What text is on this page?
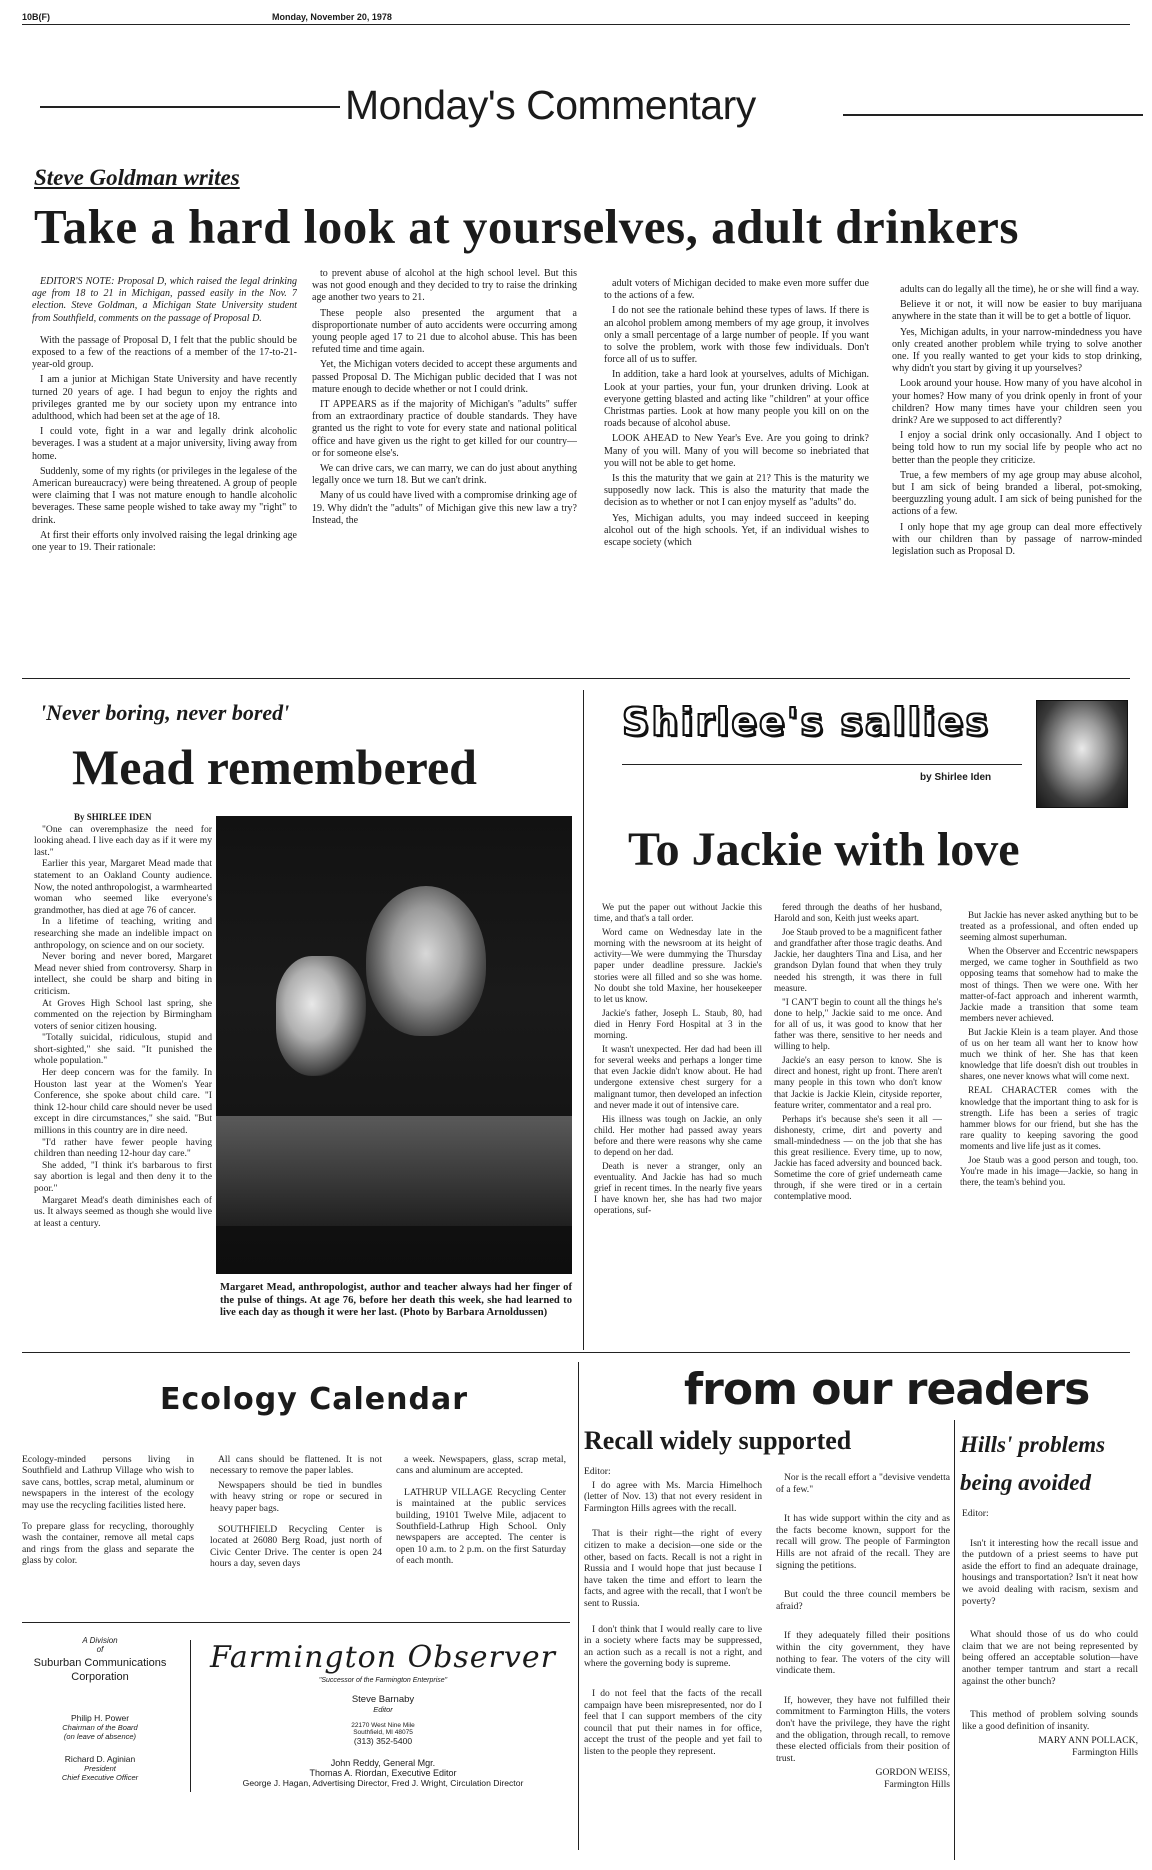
10B(F)	Monday, November 20, 1978
Monday's Commentary
Steve Goldman writes
Take a hard look at yourselves, adult drinkers

EDITOR'S NOTE: Proposal D, which raised the legal drinking age from 18 to 21 in Michigan, passed easily in the Nov. 7 election. Steve Goldman, a Michigan State University student from Southfield, comments on the passage of Proposal D.

With the passage of Proposal D, I felt that the public should be exposed to a few of the reactions of a member of the 17-to-21-year-old group.

I am a junior at Michigan State University and have recently turned 20 years of age. I had begun to enjoy the rights and privileges granted me by our society upon my entrance into adulthood, which had been set at the age of 18.

I could vote, fight in a war and legally drink alcoholic beverages. I was a student at a major university, living away from home.

Suddenly, some of my rights (or privileges in the legalese of the American bureaucracy) were being threatened. A group of people were claiming that I was not mature enough to handle alcoholic beverages. These same people wished to take away my "right" to drink.

At first their efforts only involved raising the legal drinking age one year to 19. Their rationale:

to prevent abuse of alcohol at the high school level. But this was not good enough and they decided to try to raise the drinking age another two years to 21.

These people also presented the argument that a disproportionate number of auto accidents were occurring among young people aged 17 to 21 due to alcohol abuse. This has been refuted time and time again.

Yet, the Michigan voters decided to accept these arguments and passed Proposal D. The Michigan public decided that I was not mature enough to decide whether or not I could drink.

IT APPEARS as if the majority of Michigan's "adults" suffer from an extraordinary practice of double standards. They have granted us the right to vote for every state and national political office and have given us the right to get killed for our country—or for someone else's.

We can drive cars, we can marry, we can do just about anything legally once we turn 18. But we can't drink.

Many of us could have lived with a compromise drinking age of 19. Why didn't the "adults" of Michigan give this new law a try? Instead, the

adult voters of Michigan decided to make even more suffer due to the actions of a few.

I do not see the rationale behind these types of laws. If there is an alcohol problem among members of my age group, it involves only a small percentage of a large number of people. If you want to solve the problem, work with those few individuals. Don't force all of us to suffer.

In addition, take a hard look at yourselves, adults of Michigan. Look at your parties, your fun, your drunken driving. Look at everyone getting blasted and acting like "children" at your office Christmas parties. Look at how many people you kill on on the roads because of alcohol abuse.

LOOK AHEAD to New Year's Eve. Are you going to drink? Many of you will. Many of you will become so inebriated that you will not be able to get home.

Is this the maturity that we gain at 21? This is the maturity we supposedly now lack. This is also the maturity that made the decision as to whether or not I can enjoy myself as "adults" do.

Yes, Michigan adults, you may indeed succeed in keeping alcohol out of the high schools. Yet, if an individual wishes to escape society (which

adults can do legally all the time), he or she will find a way.

Believe it or not, it will now be easier to buy marijuana anywhere in the state than it will be to get a bottle of liquor.

Yes, Michigan adults, in your narrow-mindedness you have only created another problem while trying to solve another one. If you really wanted to get your kids to stop drinking, why didn't you start by giving it up yourselves?

Look around your house. How many of you have alcohol in your homes? How many of you drink openly in front of your children? How many times have your children seen you drink? Are we supposed to act differently?

I enjoy a social drink only occasionally. And I object to being told how to run my social life by people who act no better than the people they criticize.

True, a few members of my age group may abuse alcohol, but I am sick of being branded a liberal, pot-smoking, beerguzzling young adult. I am sick of being punished for the actions of a few.

I only hope that my age group can deal more effectively with our children than by passage of narrow-minded legislation such as Proposal D.

'Never boring, never bored'
Mead remembered
By SHIRLEE IDEN

"One can overemphasize the need for looking ahead. I live each day as if it were my last."

Earlier this year, Margaret Mead made that statement to an Oakland County audience. Now, the noted anthropologist, a warmhearted woman who seemed like everyone's grandmother, has died at age 76 of cancer.

In a lifetime of teaching, writing and researching she made an indelible impact on anthropology, on science and on our society.

Never boring and never bored, Margaret Mead never shied from controversy. Sharp in intellect, she could be sharp and biting in criticism.

At Groves High School last spring, she commented on the rejection by Birmingham voters of senior citizen housing.

"Totally suicidal, ridiculous, stupid and short-sighted," she said. "It punished the whole population."

Her deep concern was for the family. In Houston last year at the Women's Year Conference, she spoke about child care. "I think 12-hour child care should never be used except in dire circumstances," she said. "But millions in this country are in dire need.

"I'd rather have fewer people having children than needing 12-hour day care."

She added, "I think it's barbarous to first say abortion is legal and then deny it to the poor."

Margaret Mead's death diminishes each of us. It always seemed as though she would live at least a century.

Margaret Mead, anthropologist, author and teacher always had her finger of the pulse of things. At age 76, before her death this week, she had learned to live each day as though it were her last. (Photo by Barbara Arnoldussen)
Shirlee's sallies
by Shirlee Iden
To Jackie with love

We put the paper out without Jackie this time, and that's a tall order.

Word came on Wednesday late in the morning with the newsroom at its height of activity—We were dummying the Thursday paper under deadline pressure. Jackie's stories were all filled and so she was home. No doubt she told Maxine, her housekeeper to let us know.

Jackie's father, Joseph L. Staub, 80, had died in Henry Ford Hospital at 3 in the morning.

It wasn't unexpected. Her dad had been ill for several weeks and perhaps a longer time that even Jackie didn't know about. He had undergone extensive chest surgery for a malignant tumor, then developed an infection and never made it out of intensive care.

His illness was tough on Jackie, an only child. Her mother had passed away years before and there were reasons why she came to depend on her dad.

Death is never a stranger, only an eventuality. And Jackie has had so much grief in recent times. In the nearly five years I have known her, she has had two major operations, suf-

fered through the deaths of her husband, Harold and son, Keith just weeks apart.

Joe Staub proved to be a magnificent father and grandfather after those tragic deaths. And Jackie, her daughters Tina and Lisa, and her grandson Dylan found that when they truly needed his strength, it was there in full measure.

"I CAN'T begin to count all the things he's done to help," Jackie said to me once. And for all of us, it was good to know that her father was there, sensitive to her needs and willing to help.

Jackie's an easy person to know. She is direct and honest, right up front. There aren't many people in this town who don't know that Jackie is Jackie Klein, cityside reporter, feature writer, commentator and a real pro.

Perhaps it's because she's seen it all — dishonesty, crime, dirt and poverty and small-mindedness — on the job that she has this great resilience. Every time, up to now, Jackie has faced adversity and bounced back. Sometime the core of grief underneath came through, if she were tired or in a certain contemplative mood.

But Jackie has never asked anything but to be treated as a professional, and often ended up seeming almost superhuman.

When the Observer and Eccentric newspapers merged, we came togher in Southfield as two opposing teams that somehow had to make the most of things. Then we were one. With her matter-of-fact approach and inherent warmth, Jackie made a transition that some team members never achieved.

But Jackie Klein is a team player. And those of us on her team all want her to know how much we think of her. She has that keen knowledge that life doesn't dish out troubles in shares, one never knows what will come next.

REAL CHARACTER comes with the knowledge that the important thing to ask for is strength. Life has been a series of tragic hammer blows for our friend, but she has the rare quality to keeping savoring the good moments and live life just as it comes.

Joe Staub was a good person and tough, too. You're made in his image—Jackie, so hang in there, the team's behind you.

Ecology Calendar

Ecology-minded persons living in Southfield and Lathrup Village who wish to save cans, bottles, scrap metal, aluminum or newspapers in the interest of the ecology may use the recycling facilities listed here.

To prepare glass for recycling, thoroughly wash the container, remove all metal caps and rings from the glass and separate the glass by color.

All cans should be flattened. It is not necessary to remove the paper lables.

Newspapers should be tied in bundles with heavy string or rope or secured in heavy paper bags.

SOUTHFIELD Recycling Center is located at 26080 Berg Road, just north of Civic Center Drive. The center is open 24 hours a day, seven days

a week. Newspapers, glass, scrap metal, cans and aluminum are accepted.

LATHRUP VILLAGE Recycling Center is maintained at the public services building, 19101 Twelve Mile, adjacent to Southfield-Lathrup High School. Only newspapers are accepted. The center is open 10 a.m. to 2 p.m. on the first Saturday of each month.

A Division
of
Suburban Communications Corporation
Philip H. Power
Chairman of the Board
(on leave of absence)
Richard D. Aginian
President
Chief Executive Officer
Farmington Observer
"Successor of the Farmington Enterprise"
Steve Barnaby
Editor
22170 West Nine Mile
Southfield, MI 48075
(313) 352-5400
John Reddy, General Mgr.
Thomas A. Riordan, Executive Editor
George J. Hagan, Advertising Director, Fred J. Wright, Circulation Director
from our readers
Recall widely supported
Editor:

I do agree with Ms. Marcia Himelhoch (letter of Nov. 13) that not every resident in Farmington Hills agrees with the recall.

That is their right—the right of every citizen to make a decision—one side or the other, based on facts. Recall is not a right in Russia and I would hope that just because I have taken the time and effort to learn the facts, and agree with the recall, that I won't be sent to Russia.

I don't think that I would really care to live in a society where facts may be suppressed, an action such as a recall is not a right, and where the governing body is supreme.

I do not feel that the facts of the recall campaign have been misrepresented, nor do I feel that I can support members of the city council that put their names in for office, accept the trust of the people and yet fail to listen to the people they represent.

Nor is the recall effort a "devisive vendetta of a few."

It has wide support within the city and as the facts become known, support for the recall will grow. The people of Farmington Hills are not afraid of the recall. They are signing the petitions.

But could the three council members be afraid?

If they adequately filled their positions within the city government, they have nothing to fear. The voters of the city will vindicate them.

If, however, they have not fulfilled their commitment to Farmington Hills, the voters don't have the privilege, they have the right and the obligation, through recall, to remove these elected officials from their position of trust.

GORDON WEISS,
Farmington Hills
Hills' problems being avoided
Editor:

Isn't it interesting how the recall issue and the putdown of a priest seems to have put aside the effort to find an adequate drainage, housings and transportation? Isn't it neat how we avoid dealing with racism, sexism and poverty?

What should those of us do who could claim that we are not being represented by being offered an acceptable solution—have another temper tantrum and start a recall against the other bunch?

This method of problem solving sounds like a good definition of insanity.

MARY ANN POLLACK,
Farmington Hills
